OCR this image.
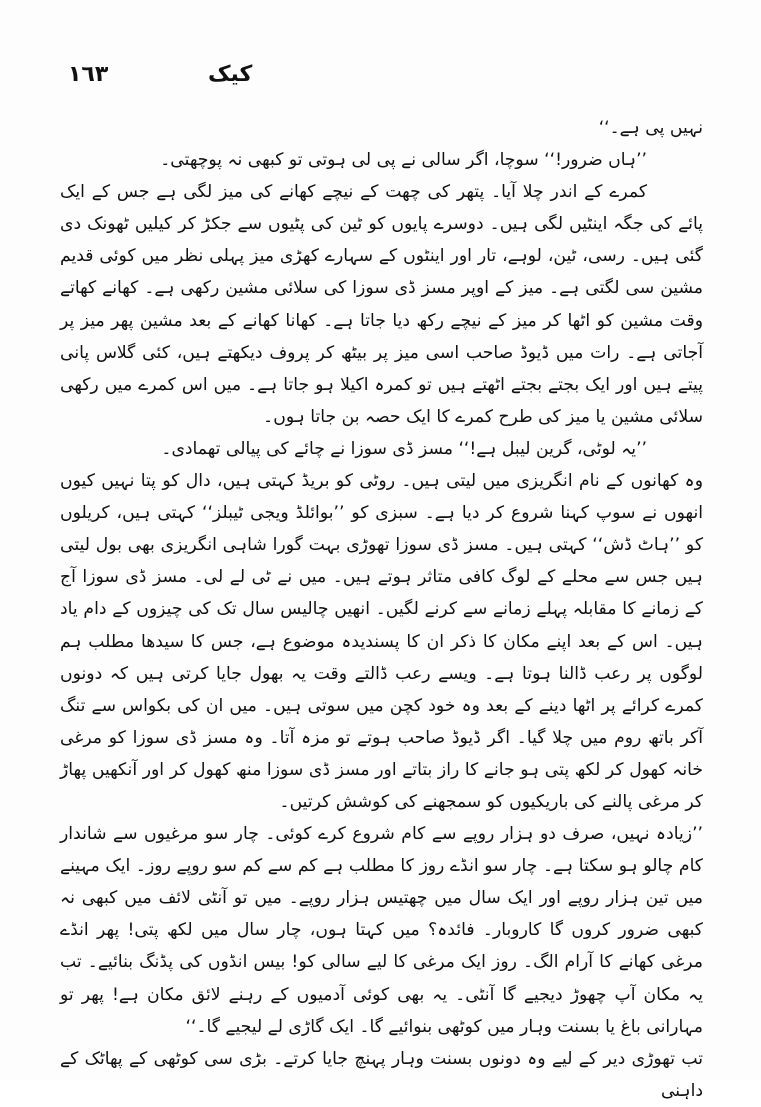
١٦٣	کیک

نہیں پی ہے۔‘‘

’’ہاں ضرور!‘‘ سوچا، اگر سالی نے پی لی ہوتی تو کبھی نہ پوچھتی۔

کمرے کے اندر چلا آیا۔ پتھر کی چھت کے نیچے کھانے کی میز لگی ہے جس کے ایک پائے کی جگہ اینٹیں لگی ہیں۔ دوسرے پایوں کو ٹین کی پٹیوں سے جکڑ کر کیلیں ٹھونک دی گئی ہیں۔ رسی، ٹین، لوہے، تار اور اینٹوں کے سہارے کھڑی میز پہلی نظر میں کوئی قدیم مشین سی لگتی ہے۔ میز کے اوپر مسز ڈی سوزا کی سلائی مشین رکھی ہے۔ کھانے کھاتے وقت مشین کو اٹھا کر میز کے نیچے رکھ دیا جاتا ہے۔ کھانا کھانے کے بعد مشین پھر میز پر آجاتی ہے۔ رات میں ڈیوڈ صاحب اسی میز پر بیٹھ کر پروف دیکھتے ہیں، کئی گلاس پانی پیتے ہیں اور ایک بجتے بجتے اٹھتے ہیں تو کمرہ اکیلا ہو جاتا ہے۔ میں اس کمرے میں رکھی سلائی مشین یا میز کی طرح کمرے کا ایک حصہ بن جاتا ہوں۔

’’یہ لوٹی، گرین لیبل ہے!‘‘ مسز ڈی سوزا نے چائے کی پیالی تھمادی۔

وہ کھانوں کے نام انگریزی میں لیتی ہیں۔ روٹی کو بریڈ کہتی ہیں، دال کو پتا نہیں کیوں انھوں نے سوپ کہنا شروع کر دیا ہے۔ سبزی کو ’’بوائلڈ ویجی ٹیبلز‘‘ کہتی ہیں، کریلوں کو ’’ہاٹ ڈش‘‘ کہتی ہیں۔ مسز ڈی سوزا تھوڑی بہت گورا شاہی انگریزی بھی بول لیتی ہیں جس سے محلے کے لوگ کافی متاثر ہوتے ہیں۔ میں نے ٹی لے لی۔ مسز ڈی سوزا آج کے زمانے کا مقابلہ پہلے زمانے سے کرنے لگیں۔ انھیں چالیس سال تک کی چیزوں کے دام یاد ہیں۔ اس کے بعد اپنے مکان کا ذکر ان کا پسندیدہ موضوع ہے، جس کا سیدھا مطلب ہم لوگوں پر رعب ڈالنا ہوتا ہے۔ ویسے رعب ڈالتے وقت یہ بھول جایا کرتی ہیں کہ دونوں کمرے کرائے پر اٹھا دینے کے بعد وہ خود کچن میں سوتی ہیں۔ میں ان کی بکواس سے تنگ آکر باتھ روم میں چلا گیا۔ اگر ڈیوڈ صاحب ہوتے تو مزہ آتا۔ وہ مسز ڈی سوزا کو مرغی خانہ کھول کر لکھ پتی ہو جانے کا راز بتاتے اور مسز ڈی سوزا منھ کھول کر اور آنکھیں پھاڑ کر مرغی پالنے کی باریکیوں کو سمجھنے کی کوشش کرتیں۔

’’زیادہ نہیں، صرف دو ہزار روپے سے کام شروع کرے کوئی۔ چار سو مرغیوں سے شاندار کام چالو ہو سکتا ہے۔ چار سو انڈے روز کا مطلب ہے کم سے کم سو روپے روز۔ ایک مہینے میں تین ہزار روپے اور ایک سال میں چھتیس ہزار روپے۔ میں تو آنٹی لائف میں کبھی نہ کبھی ضرور کروں گا کاروبار۔ فائدہ؟ میں کہتا ہوں، چار سال میں لکھ پتی! پھر انڈے مرغی کھانے کا آرام الگ۔ روز ایک مرغی کا لیے سالی کو! بیس انڈوں کی پڈنگ بنائیے۔ تب یہ مکان آپ چھوڑ دیجیے گا آنٹی۔ یہ بھی کوئی آدمیوں کے رہنے لائق مکان ہے! پھر تو مہارانی باغ یا بسنت وہار میں کوٹھی بنوائیے گا۔ ایک گاڑی لے لیجیے گا۔‘‘

تب تھوڑی دیر کے لیے وہ دونوں بسنت وہار پہنچ جایا کرتے۔ بڑی سی کوٹھی کے پھاٹک کے داہنی
